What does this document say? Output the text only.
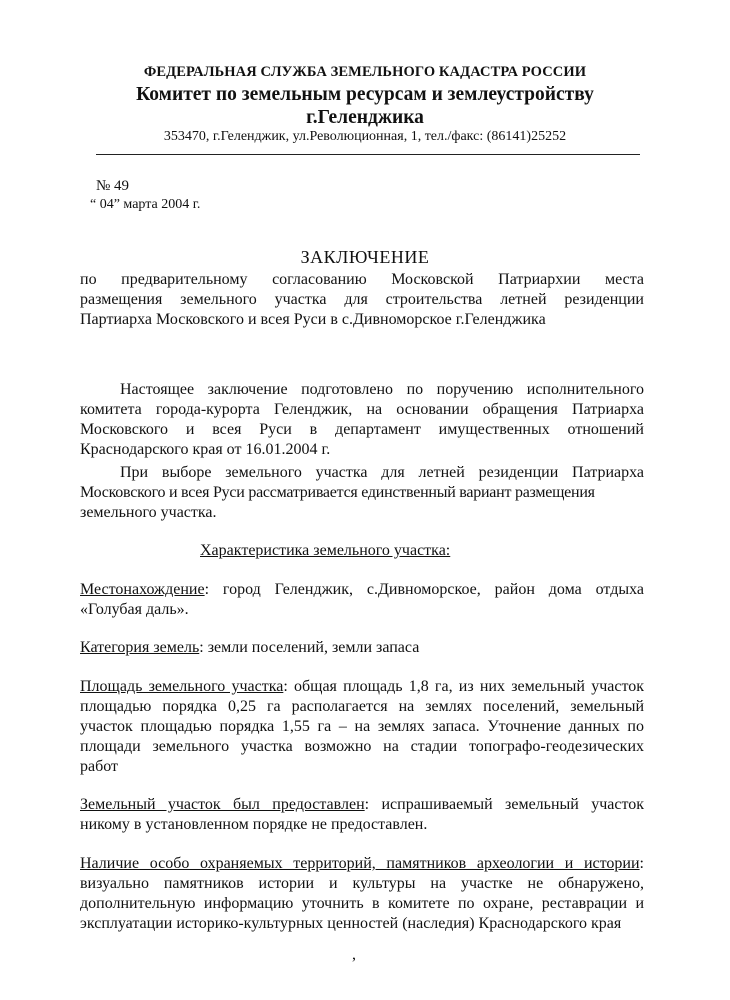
ФЕДЕРАЛЬНАЯ СЛУЖБА ЗЕМЕЛЬНОГО КАДАСТРА РОССИИ
Комитет по земельным ресурсам и землеустройству
г.Геленджика
353470, г.Геленджик, ул.Революционная, 1, тел./факс: (86141)25252
№ 49
“ 04” марта 2004 г.
ЗАКЛЮЧЕНИЕ
по предварительному согласованию Московской Патриархии места
размещения земельного участка для строительства летней резиденции
Партиарха Московского и всея Руси в с.Дивноморское г.Геленджика
Настоящее заключение подготовлено по поручению исполнительного
комитета города-курорта Геленджик, на основании обращения Патриарха
Московского и всея Руси в департамент имущественных отношений
Краснодарского края от 16.01.2004 г.
При выборе земельного участка для летней резиденции Патриарха
Московского и всея Руси рассматривается единственный вариант размещения
земельного участка.
Характеристика земельного участка:
Местонахождение: город Геленджик, с.Дивноморское, район дома отдыха
«Голубая даль».
Категория земель: земли поселений, земли запаса
Площадь земельного участка: общая площадь 1,8 га, из них земельный участок
площадью порядка 0,25 га располагается на землях поселений, земельный
участок площадью порядка 1,55 га – на землях запаса. Уточнение данных по
площади земельного участка возможно на стадии топографо-геодезических
работ
Земельный участок был предоставлен: испрашиваемый земельный участок
никому в установленном порядке не предоставлен.
Наличие особо охраняемых территорий, памятников археологии и истории:
визуально памятников истории и культуры на участке не обнаружено,
дополнительную информацию уточнить в комитете по охране, реставрации и
эксплуатации историко-культурных ценностей (наследия) Краснодарского края
,
